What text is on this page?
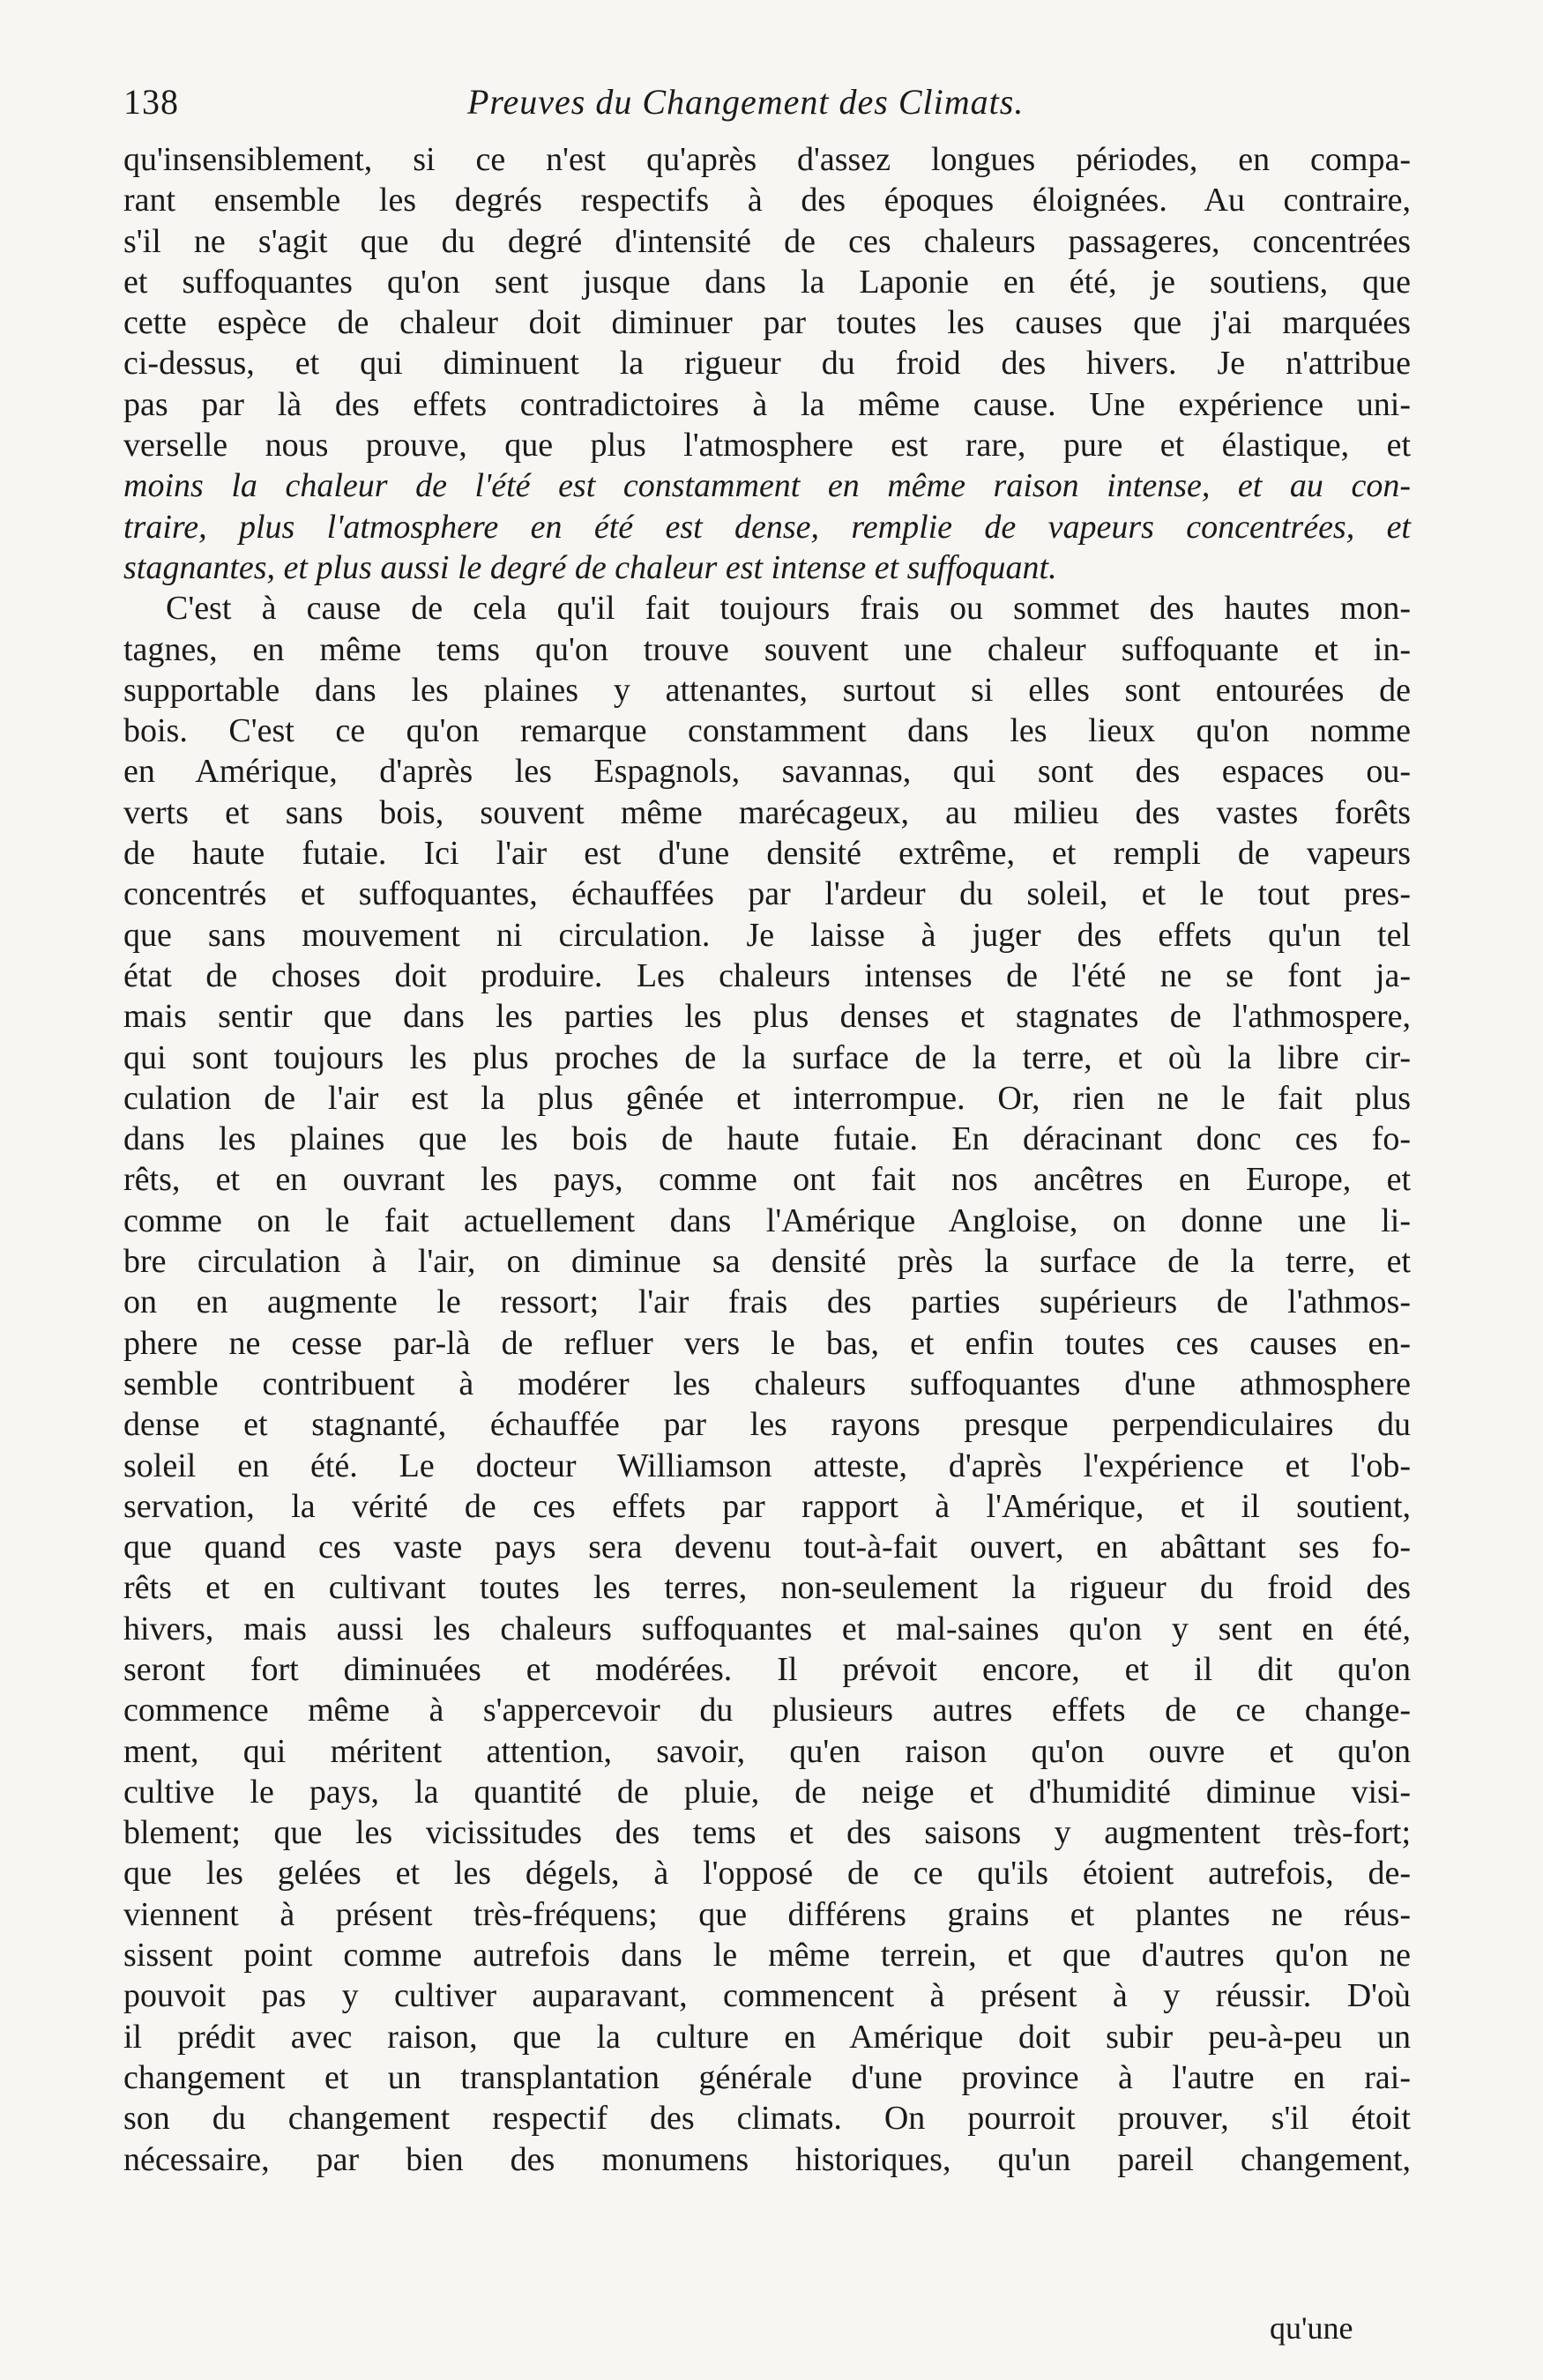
138	Preuves du Changement des Climats.
qu'insensiblement, si ce n'est qu'après d'assez longues périodes, en compa-
rant ensemble les degrés respectifs à des époques éloignées. Au contraire,
s'il ne s'agit que du degré d'intensité de ces chaleurs passageres, concentrées
et suffoquantes qu'on sent jusque dans la Laponie en été, je soutiens, que
cette espèce de chaleur doit diminuer par toutes les causes que j'ai marquées
ci-dessus, et qui diminuent la rigueur du froid des hivers. Je n'attribue
pas par là des effets contradictoires à la même cause. Une expérience uni-
verselle nous prouve, que plus l'atmosphere est rare, pure et élastique, et
moins la chaleur de l'été est constamment en même raison intense, et au con-
traire, plus l'atmosphere en été est dense, remplie de vapeurs concentrées, et
stagnantes, et plus aussi le degré de chaleur est intense et suffoquant.
C'est à cause de cela qu'il fait toujours frais ou sommet des hautes mon-
tagnes, en même tems qu'on trouve souvent une chaleur suffoquante et in-
supportable dans les plaines y attenantes, surtout si elles sont entourées de
bois. C'est ce qu'on remarque constamment dans les lieux qu'on nomme
en Amérique, d'après les Espagnols, savannas, qui sont des espaces ou-
verts et sans bois, souvent même marécageux, au milieu des vastes forêts
de haute futaie. Ici l'air est d'une densité extrême, et rempli de vapeurs
concentrés et suffoquantes, échauffées par l'ardeur du soleil, et le tout pres-
que sans mouvement ni circulation. Je laisse à juger des effets qu'un tel
état de choses doit produire. Les chaleurs intenses de l'été ne se font ja-
mais sentir que dans les parties les plus denses et stagnates de l'athmospere,
qui sont toujours les plus proches de la surface de la terre, et où la libre cir-
culation de l'air est la plus gênée et interrompue. Or, rien ne le fait plus
dans les plaines que les bois de haute futaie. En déracinant donc ces fo-
rêts, et en ouvrant les pays, comme ont fait nos ancêtres en Europe, et
comme on le fait actuellement dans l'Amérique Angloise, on donne une li-
bre circulation à l'air, on diminue sa densité près la surface de la terre, et
on en augmente le ressort; l'air frais des parties supérieurs de l'athmos-
phere ne cesse par-là de refluer vers le bas, et enfin toutes ces causes en-
semble contribuent à modérer les chaleurs suffoquantes d'une athmosphere
dense et stagnanté, échauffée par les rayons presque perpendiculaires du
soleil en été. Le docteur Williamson atteste, d'après l'expérience et l'ob-
servation, la vérité de ces effets par rapport à l'Amérique, et il soutient,
que quand ces vaste pays sera devenu tout-à-fait ouvert, en abâttant ses fo-
rêts et en cultivant toutes les terres, non-seulement la rigueur du froid des
hivers, mais aussi les chaleurs suffoquantes et mal-saines qu'on y sent en été,
seront fort diminuées et modérées. Il prévoit encore, et il dit qu'on
commence même à s'appercevoir du plusieurs autres effets de ce change-
ment, qui méritent attention, savoir, qu'en raison qu'on ouvre et qu'on
cultive le pays, la quantité de pluie, de neige et d'humidité diminue visi-
blement; que les vicissitudes des tems et des saisons y augmentent très-fort;
que les gelées et les dégels, à l'opposé de ce qu'ils étoient autrefois, de-
viennent à présent très-fréquens; que différens grains et plantes ne réus-
sissent point comme autrefois dans le même terrein, et que d'autres qu'on ne
pouvoit pas y cultiver auparavant, commencent à présent à y réussir. D'où
il prédit avec raison, que la culture en Amérique doit subir peu-à-peu un
changement et un transplantation générale d'une province à l'autre en rai-
son du changement respectif des climats. On pourroit prouver, s'il étoit
nécessaire, par bien des monumens historiques, qu'un pareil changement,
qu'une
